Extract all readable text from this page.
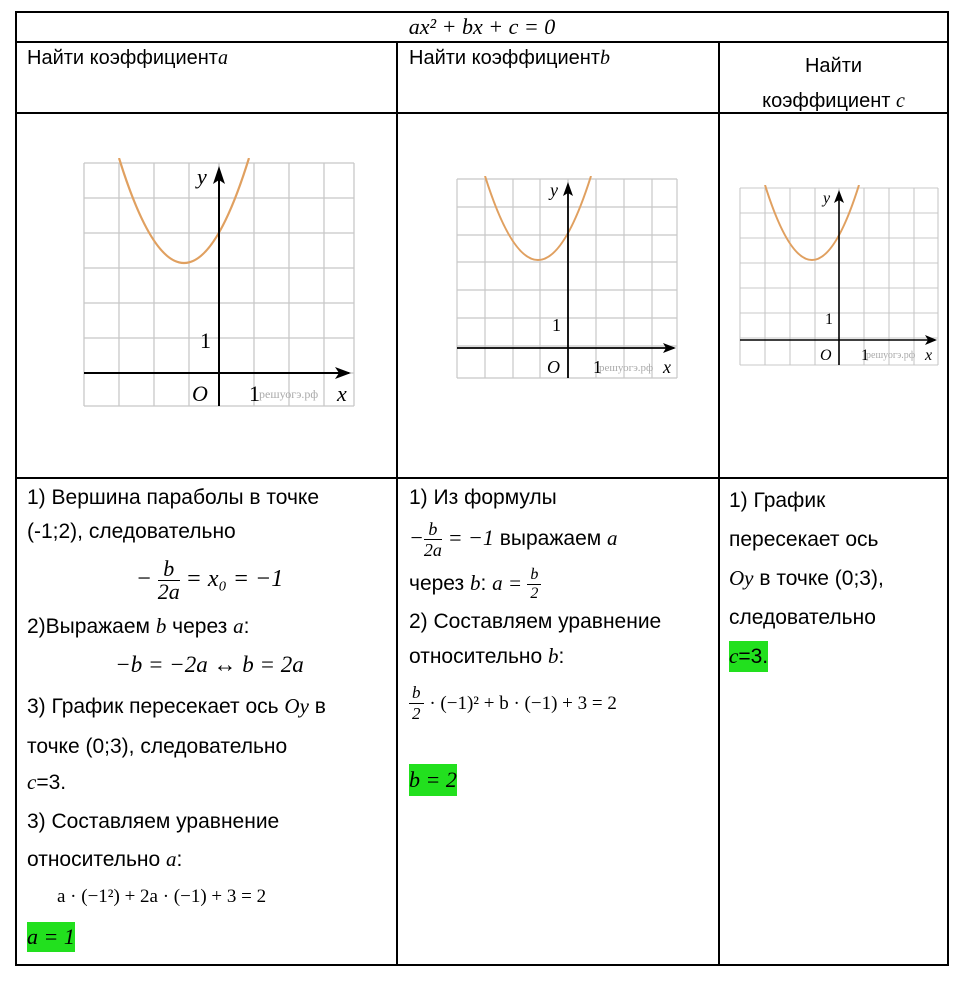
ax² + bx + c = 0
Найти коэффициентa	Найти коэффициентb	Найти
коэффициент c
y
x
O
1
1 решуогэ.рф
y
x
O
1
1
решуогэ.рф
y
x
O
1
1
решуогэ.рф
1) Вершина параболы в точке
(-1;2), следовательно
− $\frac{b}{2a} = x_0 = -1$
2)Выражаем b через a:
−b = −2a ↔ b = 2a
3) График пересекает ось Oy в
точке (0;3), следовательно
c=3.
3) Составляем уравнение
относительно a:
a · (−1²) + 2a · (−1) + 3 = 2
a = 1
1) Из формулы
− $\frac{b}{2a} = -1$ выражаем a
через b: $a = \frac{b}{2}$
2) Составляем уравнение
относительно b:
$\frac{b}{2} \cdot (-1)^2 + b \cdot (-1) + 3 = 2$
b = 2
1) График
пересекает ось
Oy в точке (0;3),
следовательно
c=3.
